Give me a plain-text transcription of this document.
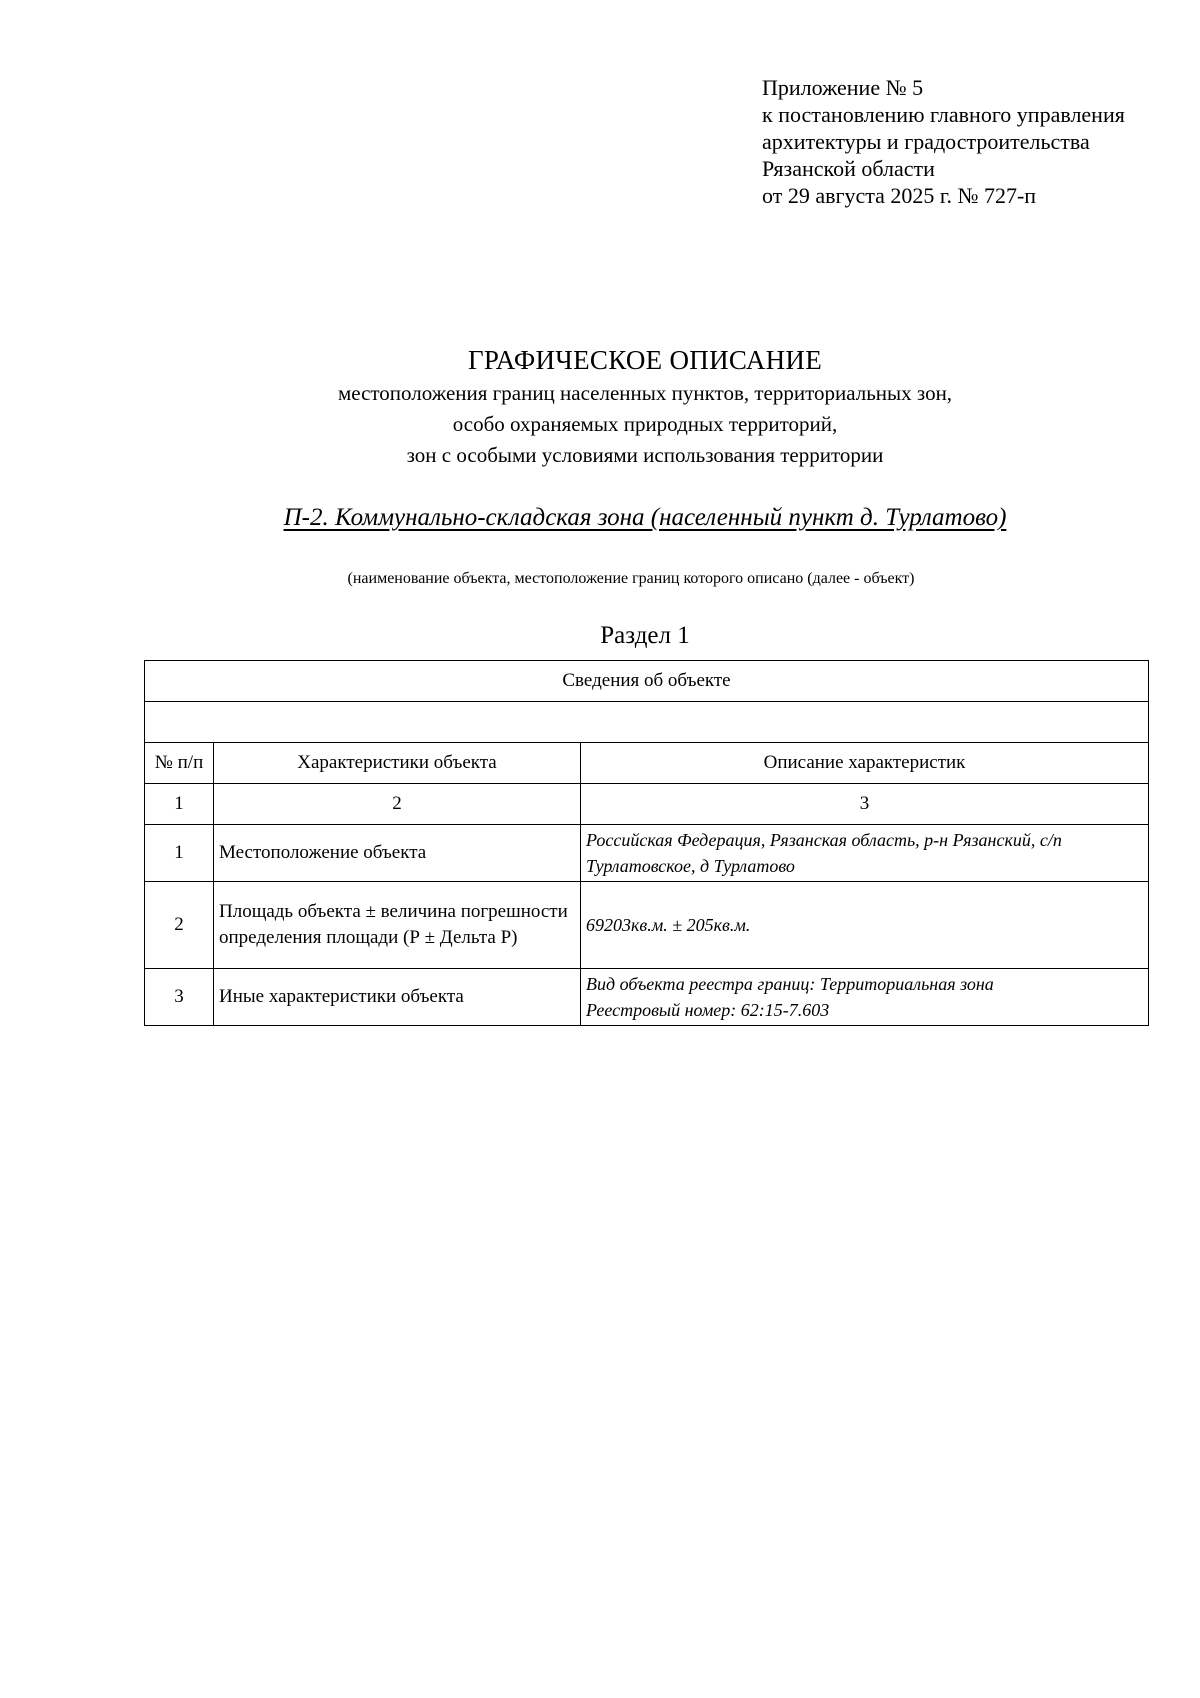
Приложение № 5
к постановлению главного управления
архитектуры и градостроительства
Рязанской области
от 29 августа 2025 г. № 727-п
ГРАФИЧЕСКОЕ ОПИСАНИЕ
местоположения границ населенных пунктов, территориальных зон,
особо охраняемых природных территорий,
зон с особыми условиями использования территории
П-2. Коммунально-складская зона (населенный пункт д. Турлатово)
(наименование объекта, местоположение границ которого описано (далее - объект)
Раздел 1
Сведения об объекте		

№ п/п	Характеристики объекта	Описание характеристик
1	2	3
1	Местоположение объекта	Российская Федерация, Рязанская область, р-н Рязанский, с/п Турлатовское, д Турлатово
2	Площадь объекта ± величина погрешности определения площади (Р ± Дельта Р)	69203кв.м. ± 205кв.м.
3	Иные характеристики объекта	Вид объекта реестра границ: Территориальная зона
Реестровый номер: 62:15-7.603
